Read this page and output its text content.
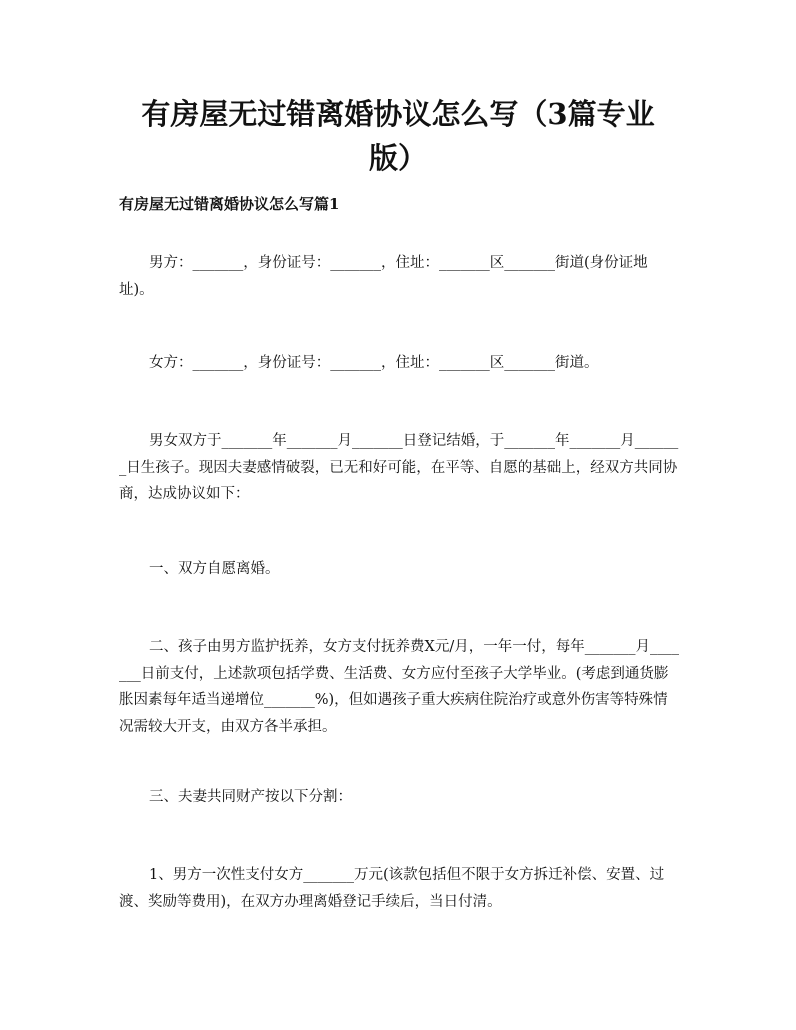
有房屋无过错离婚协议怎么写（3篇专业版）

有房屋无过错离婚协议怎么写篇1

男方：_______，身份证号：_______，住址：_______区_______街道(身份证地址)。

女方：_______，身份证号：_______，住址：_______区_______街道。

男女双方于_______年_______月_______日登记结婚，于_______年_______月_______日生孩子。现因夫妻感情破裂，已无和好可能，在平等、自愿的基础上，经双方共同协商，达成协议如下：

一、双方自愿离婚。

二、孩子由男方监护抚养，女方支付抚养费X元/月，一年一付，每年_______月_______日前支付，上述款项包括学费、生活费、女方应付至孩子大学毕业。(考虑到通货膨胀因素每年适当递增位_______%)，但如遇孩子重大疾病住院治疗或意外伤害等特殊情况需较大开支，由双方各半承担。

三、夫妻共同财产按以下分割：

1、男方一次性支付女方_______万元(该款包括但不限于女方拆迁补偿、安置、过渡、奖励等费用)，在双方办理离婚登记手续后，当日付清。
